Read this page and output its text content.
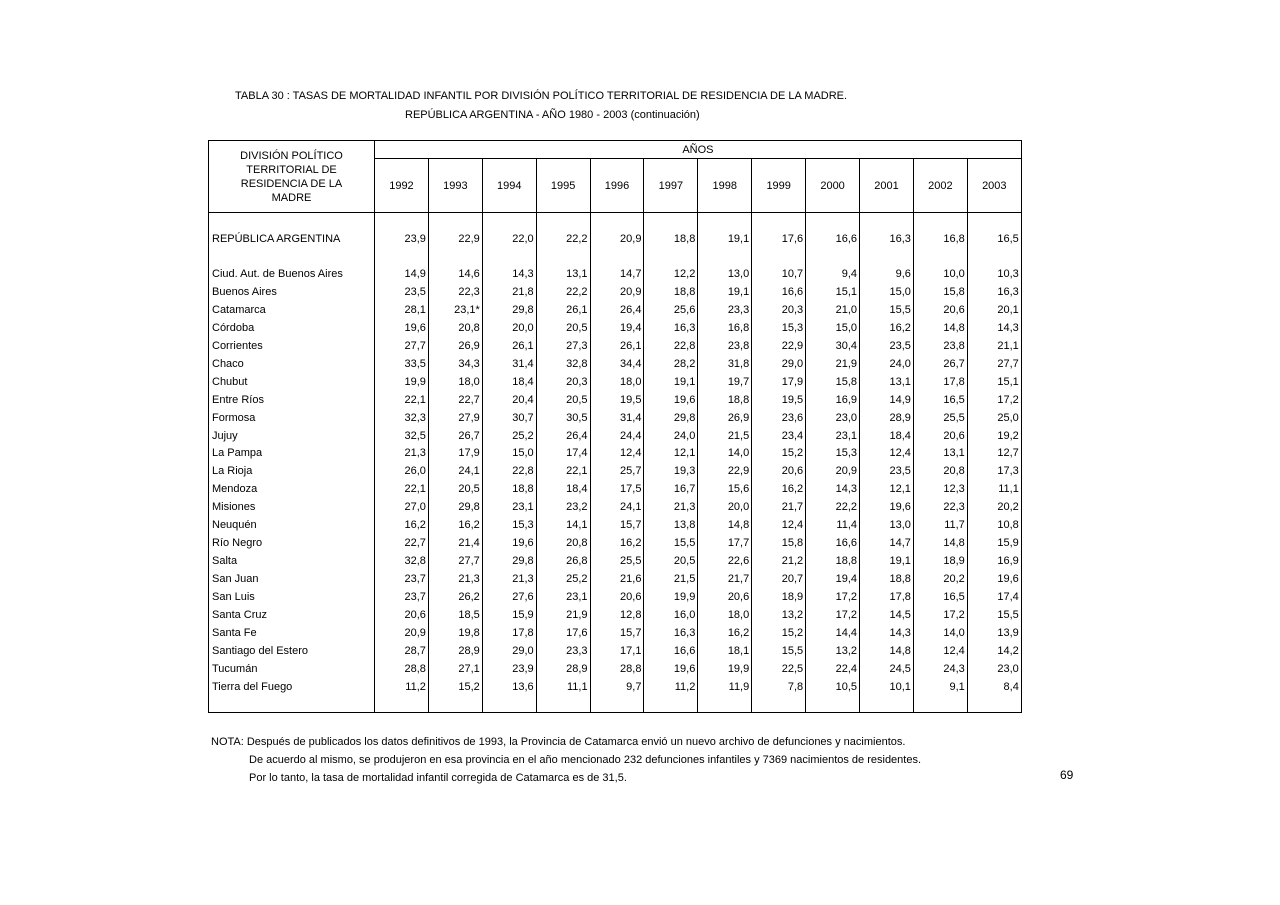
TABLA 30 : TASAS DE MORTALIDAD INFANTIL POR DIVISIÓN POLÍTICO TERRITORIAL DE RESIDENCIA DE LA MADRE.
REPÚBLICA ARGENTINA - AÑO 1980 - 2003 (continuación)
DIVISIÓN POLÍTICO
TERRITORIAL DE
RESIDENCIA DE LA
MADRE	AÑOS											
	1992	1993	1994	1995	1996	1997	1998	1999	2000	2001	2002	2003

REPÚBLICA ARGENTINA	23,9	22,9	22,0	22,2	20,9	18,8	19,1	17,6	16,6	16,3	16,8	16,5

Ciud. Aut. de Buenos Aires	14,9	14,6	14,3	13,1	14,7	12,2	13,0	10,7	9,4	9,6	10,0	10,3
Buenos Aires	23,5	22,3	21,8	22,2	20,9	18,8	19,1	16,6	15,1	15,0	15,8	16,3
Catamarca	28,1	23,1*	29,8	26,1	26,4	25,6	23,3	20,3	21,0	15,5	20,6	20,1
Córdoba	19,6	20,8	20,0	20,5	19,4	16,3	16,8	15,3	15,0	16,2	14,8	14,3
Corrientes	27,7	26,9	26,1	27,3	26,1	22,8	23,8	22,9	30,4	23,5	23,8	21,1
Chaco	33,5	34,3	31,4	32,8	34,4	28,2	31,8	29,0	21,9	24,0	26,7	27,7
Chubut	19,9	18,0	18,4	20,3	18,0	19,1	19,7	17,9	15,8	13,1	17,8	15,1
Entre Ríos	22,1	22,7	20,4	20,5	19,5	19,6	18,8	19,5	16,9	14,9	16,5	17,2
Formosa	32,3	27,9	30,7	30,5	31,4	29,8	26,9	23,6	23,0	28,9	25,5	25,0
Jujuy	32,5	26,7	25,2	26,4	24,4	24,0	21,5	23,4	23,1	18,4	20,6	19,2
La Pampa	21,3	17,9	15,0	17,4	12,4	12,1	14,0	15,2	15,3	12,4	13,1	12,7
La Rioja	26,0	24,1	22,8	22,1	25,7	19,3	22,9	20,6	20,9	23,5	20,8	17,3
Mendoza	22,1	20,5	18,8	18,4	17,5	16,7	15,6	16,2	14,3	12,1	12,3	11,1
Misiones	27,0	29,8	23,1	23,2	24,1	21,3	20,0	21,7	22,2	19,6	22,3	20,2
Neuquén	16,2	16,2	15,3	14,1	15,7	13,8	14,8	12,4	11,4	13,0	11,7	10,8
Río Negro	22,7	21,4	19,6	20,8	16,2	15,5	17,7	15,8	16,6	14,7	14,8	15,9
Salta	32,8	27,7	29,8	26,8	25,5	20,5	22,6	21,2	18,8	19,1	18,9	16,9
San Juan	23,7	21,3	21,3	25,2	21,6	21,5	21,7	20,7	19,4	18,8	20,2	19,6
San Luis	23,7	26,2	27,6	23,1	20,6	19,9	20,6	18,9	17,2	17,8	16,5	17,4
Santa Cruz	20,6	18,5	15,9	21,9	12,8	16,0	18,0	13,2	17,2	14,5	17,2	15,5
Santa Fe	20,9	19,8	17,8	17,6	15,7	16,3	16,2	15,2	14,4	14,3	14,0	13,9
Santiago del Estero	28,7	28,9	29,0	23,3	17,1	16,6	18,1	15,5	13,2	14,8	12,4	14,2
Tucumán	28,8	27,1	23,9	28,9	28,8	19,6	19,9	22,5	22,4	24,5	24,3	23,0
Tierra del Fuego	11,2	15,2	13,6	11,1	9,7	11,2	11,9	7,8	10,5	10,1	9,1	8,4

NOTA: Después de publicados los datos definitivos de 1993, la Provincia de Catamarca envió un nuevo archivo de defunciones y nacimientos.
De acuerdo al mismo, se produjeron en esa provincia en el año mencionado 232 defunciones infantiles y 7369 nacimientos de residentes.
Por lo tanto, la tasa de mortalidad infantil corregida de Catamarca es de 31,5.	69
